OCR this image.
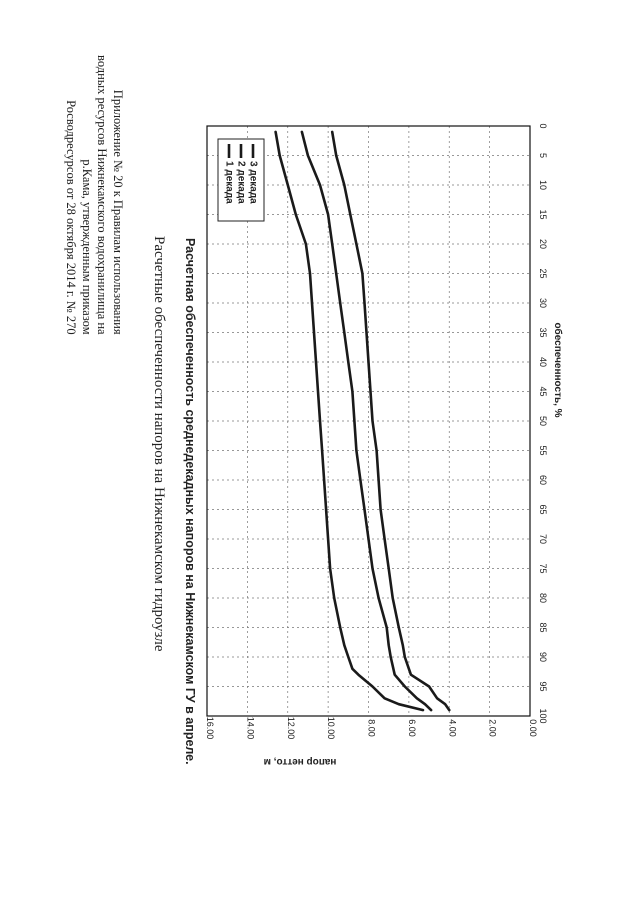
Приложение № 20 к Правилам использования
водных ресурсов Нижнекамского водохранилища на
р.Кама, утвержденным приказом
Росводресурсов от 28 октября 2014 г. № 270
Расчетные обеспеченности напоров на Нижнекамском гидроузле Расчетная обеспеченность среднедекадных напоров на Нижнекамском ГУ в апреле.
0
5
10
15
20
25
30
35
40
45
50
55
60
65
70
75
80
85
90
95
100
0.00
2.00
4.00
6.00
8.00
10.00
12.00
14.00
16.00
обеспеченность, %
напор нетто, м
1 декада 2 декада 3 декада
